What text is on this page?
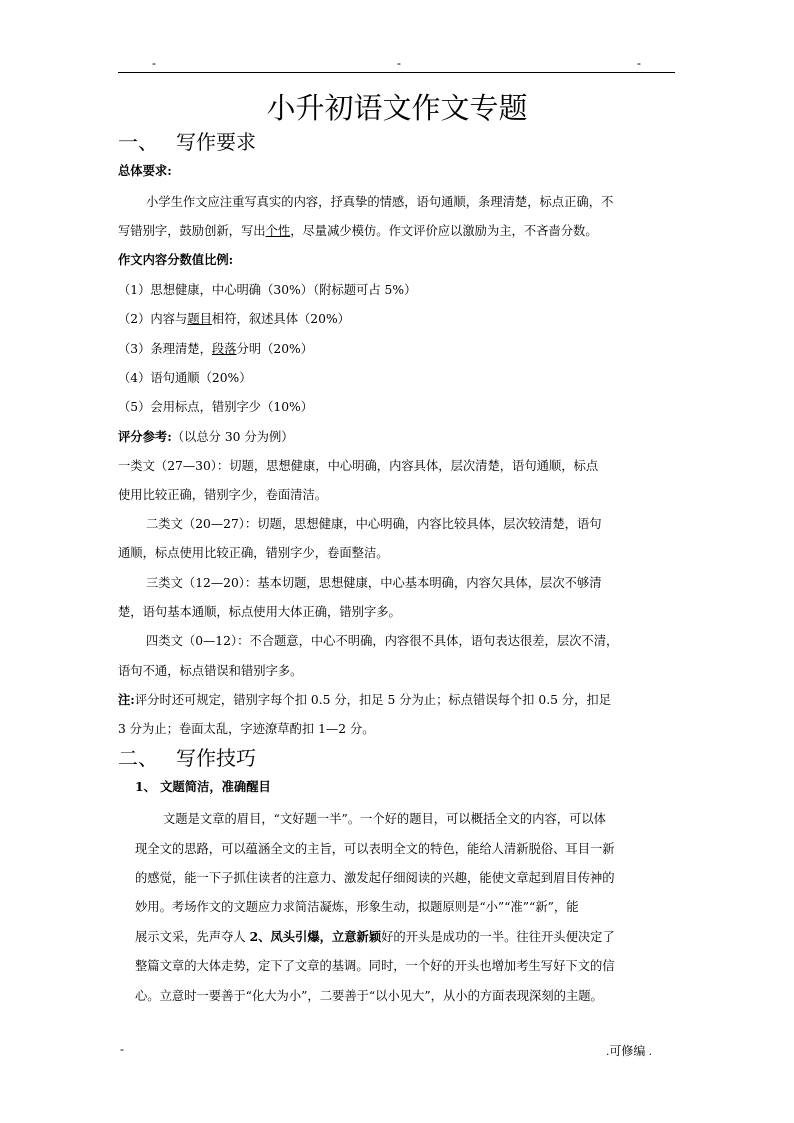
-	-	-
小升初语文作文专题
一、 写作要求
总体要求:
小学生作文应注重写真实的内容，抒真挚的情感，语句通顺，条理清楚，标点正确，不
写错别字，鼓励创新，写出个性，尽量减少模仿。作文评价应以激励为主，不吝啬分数。
作文内容分数值比例:
（1）思想健康，中心明确（30%）（附标题可占 5%）
（2）内容与题目相符，叙述具体（20%）
（3）条理清楚，段落分明（20%）
（4）语句通顺（20%）
（5）会用标点，错别字少（10%）
评分参考:（以总分 30 分为例）
一类文（27—30）：切题，思想健康，中心明确，内容具体，层次清楚，语句通顺，标点
使用比较正确，错别字少，卷面清洁。
二类文（20—27）：切题，思想健康，中心明确，内容比较具体，层次较清楚，语句
通顺，标点使用比较正确，错别字少，卷面整洁。
三类文（12—20）：基本切题，思想健康，中心基本明确，内容欠具体，层次不够清
楚，语句基本通顺，标点使用大体正确，错别字多。
四类文（0—12）：不合题意，中心不明确，内容很不具体，语句表达很差，层次不清，
语句不通，标点错误和错别字多。
注:评分时还可规定，错别字每个扣 0.5 分，扣足 5 分为止；标点错误每个扣 0.5 分，扣足
3 分为止；卷面太乱，字迹潦草酌扣 1—2 分。
二、 写作技巧
1、 文题简洁，准确醒目
文题是文章的眉目，“文好题一半”。一个好的题目，可以概括全文的内容，可以体
现全文的思路，可以蕴涵全文的主旨，可以表明全文的特色，能给人清新脱俗、耳目一新
的感觉，能一下子抓住读者的注意力、激发起仔细阅读的兴趣，能使文章起到眉目传神的
妙用。考场作文的文题应力求简洁凝炼，形象生动，拟题原则是“小”“准”“新”，能
展示文采，先声夺人 2、凤头引爆，立意新颖好的开头是成功的一半。往往开头便决定了
整篇文章的大体走势，定下了文章的基调。同时，一个好的开头也增加考生写好下文的信
心。立意时一要善于“化大为小”，二要善于“以小见大”，从小的方面表现深刻的主题。
-	.可修编 .
